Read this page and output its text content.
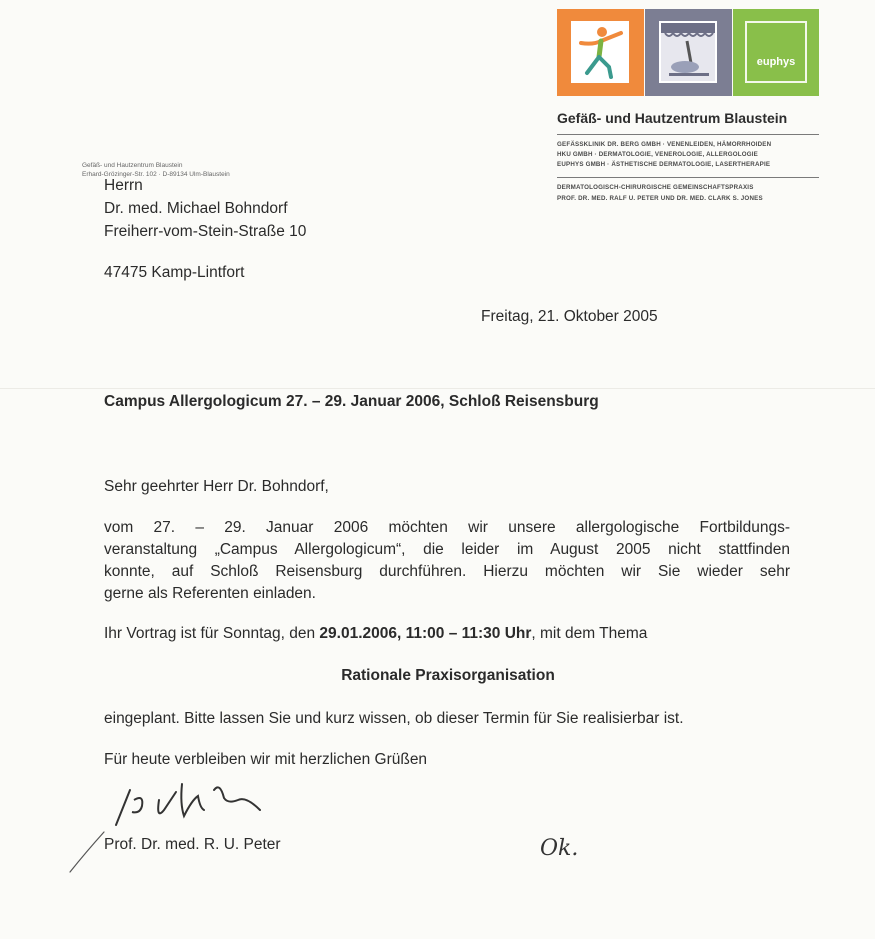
euphys
Gefäß- und Hautzentrum Blaustein
GEFÄSSKLINIK DR. BERG GMBH · VENENLEIDEN, HÄMORRHOIDEN
HKU GMBH · DERMATOLOGIE, VENEROLOGIE, ALLERGOLOGIE
EUPHYS GMBH · ÄSTHETISCHE DERMATOLOGIE, LASERTHERAPIE
DERMATOLOGISCH-CHIRURGISCHE GEMEINSCHAFTSPRAXIS
PROF. DR. MED. RALF U. PETER UND DR. MED. CLARK S. JONES
Gefäß- und Hautzentrum Blaustein
Erhard-Grözinger-Str. 102 · D-89134 Ulm-Blaustein
Herrn
Dr. med. Michael Bohndorf
Freiherr-vom-Stein-Straße 10
47475 Kamp-Lintfort
Freitag, 21. Oktober 2005
Campus Allergologicum 27. – 29. Januar 2006, Schloß Reisensburg
Sehr geehrter Herr Dr. Bohndorf,
vom 27. – 29. Januar 2006 möchten wir unsere allergologische Fortbildungs-
veranstaltung „Campus Allergologicum“, die leider im August 2005 nicht stattfinden
konnte, auf Schloß Reisensburg durchführen. Hierzu möchten wir Sie wieder sehr
gerne als Referenten einladen.
Ihr Vortrag ist für Sonntag, den 29.01.2006, 11:00 – 11:30 Uhr, mit dem Thema
Rationale Praxisorganisation
eingeplant. Bitte lassen Sie und kurz wissen, ob dieser Termin für Sie realisierbar ist.
Für heute verbleiben wir mit herzlichen Grüßen
Prof. Dr. med. R. U. Peter	Ok.
